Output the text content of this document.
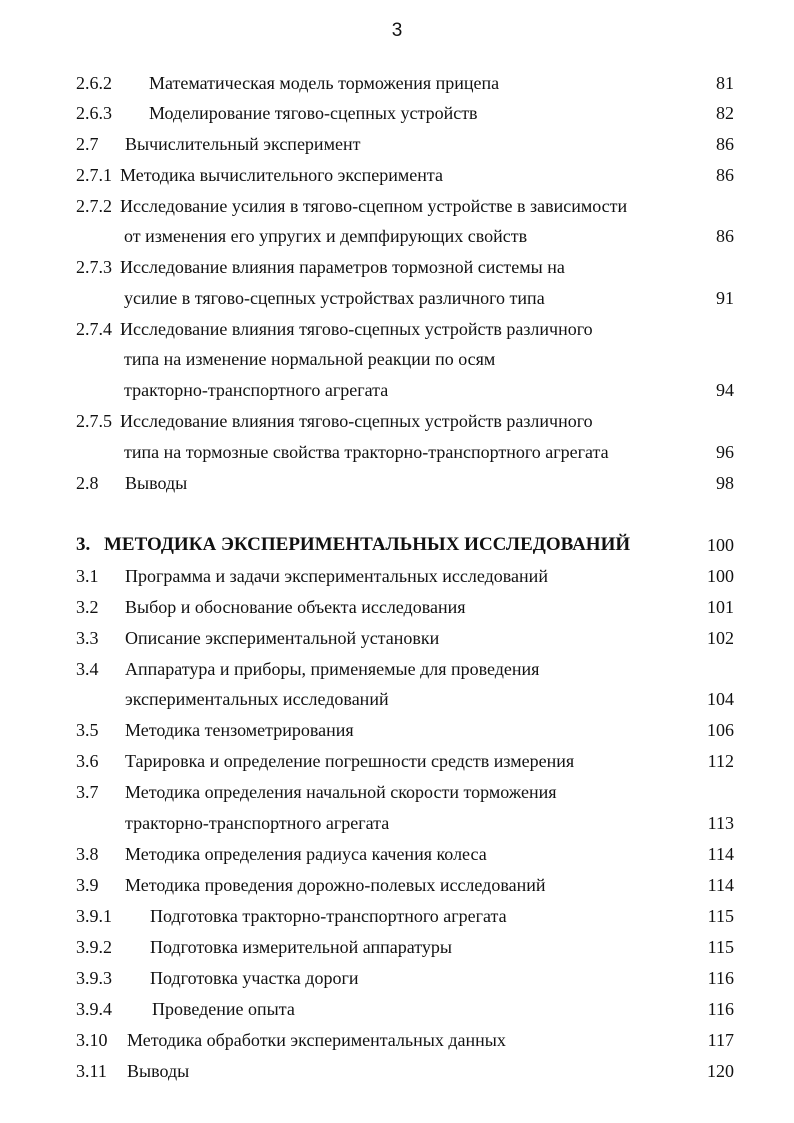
3
2.6.2 Математическая модель торможения прицепа	81
2.6.3 Моделирование тягово-сцепных устройств	82
2.7 Вычислительный эксперимент	86
2.7.1 Методика вычислительного эксперимента	86
2.7.2 Исследование усилия в тягово-сцепном устройстве в зависимости
от изменения его упругих и демпфирующих свойств	86
2.7.3 Исследование влияния параметров тормозной системы на
усилие в тягово-сцепных устройствах различного типа	91
2.7.4 Исследование влияния тягово-сцепных устройств различного
типа на изменение нормальной реакции по осям
тракторно-транспортного агрегата	94
2.7.5 Исследование влияния тягово-сцепных устройств различного
типа на тормозные свойства тракторно-транспортного агрегата	96
2.8 Выводы	98
3. МЕТОДИКА ЭКСПЕРИМЕНТАЛЬНЫХ ИССЛЕДОВАНИЙ	100
3.1 Программа и задачи экспериментальных исследований	100
3.2 Выбор и обоснование объекта исследования	101
3.3 Описание экспериментальной установки	102
3.4 Аппаратура и приборы, применяемые для проведения
экспериментальных исследований	104
3.5 Методика тензометрирования	106
3.6 Тарировка и определение погрешности средств измерения	112
3.7 Методика определения начальной скорости торможения
тракторно-транспортного агрегата	113
3.8 Методика определения радиуса качения колеса	114
3.9 Методика проведения дорожно-полевых исследований	114
3.9.1 Подготовка тракторно-транспортного агрегата	115
3.9.2 Подготовка измерительной аппаратуры	115
3.9.3 Подготовка участка дороги	116
3.9.4 Проведение опыта	116
3.10 Методика обработки экспериментальных данных	117
3.11 Выводы	120
